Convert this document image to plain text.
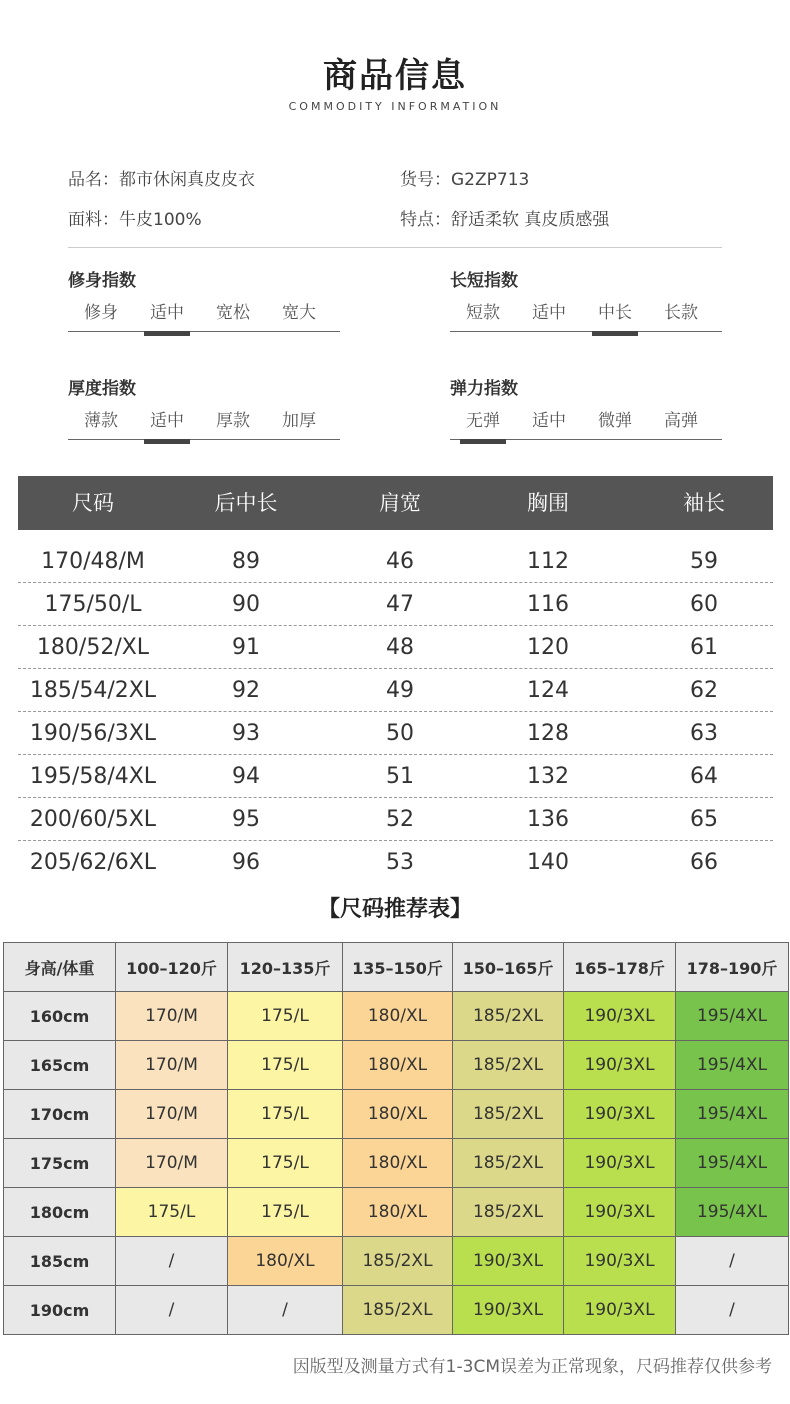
商品信息
COMMODITY INFORMATION
品名：都市休闲真皮皮衣	货号：G2ZP713
面料：牛皮100%	特点：舒适柔软 真皮质感强
修身指数
修身	适中	宽松	宽大
长短指数
短款	适中	中长	长款
厚度指数
薄款	适中	厚款	加厚
弹力指数
无弹	适中	微弹	高弹
尺码	后中长	肩宽	胸围	袖长
170/48/M	89	46	112	59
175/50/L	90	47	116	60
180/52/XL	91	48	120	61
185/54/2XL	92	49	124	62
190/56/3XL	93	50	128	63
195/58/4XL	94	51	132	64
200/60/5XL	95	52	136	65
205/62/6XL	96	53	140	66
【尺码推荐表】
身高/体重	100–120斤	120–135斤	135–150斤	150–165斤	165–178斤	178–190斤
160cm	170/M	175/L	180/XL	185/2XL	190/3XL	195/4XL
165cm	170/M	175/L	180/XL	185/2XL	190/3XL	195/4XL
170cm	170/M	175/L	180/XL	185/2XL	190/3XL	195/4XL
175cm	170/M	175/L	180/XL	185/2XL	190/3XL	195/4XL
180cm	175/L	175/L	180/XL	185/2XL	190/3XL	195/4XL
185cm	/	180/XL	185/2XL	190/3XL	190/3XL	/
190cm	/	/	185/2XL	190/3XL	190/3XL	/
因版型及测量方式有1-3CM误差为正常现象，尺码推荐仅供参考
